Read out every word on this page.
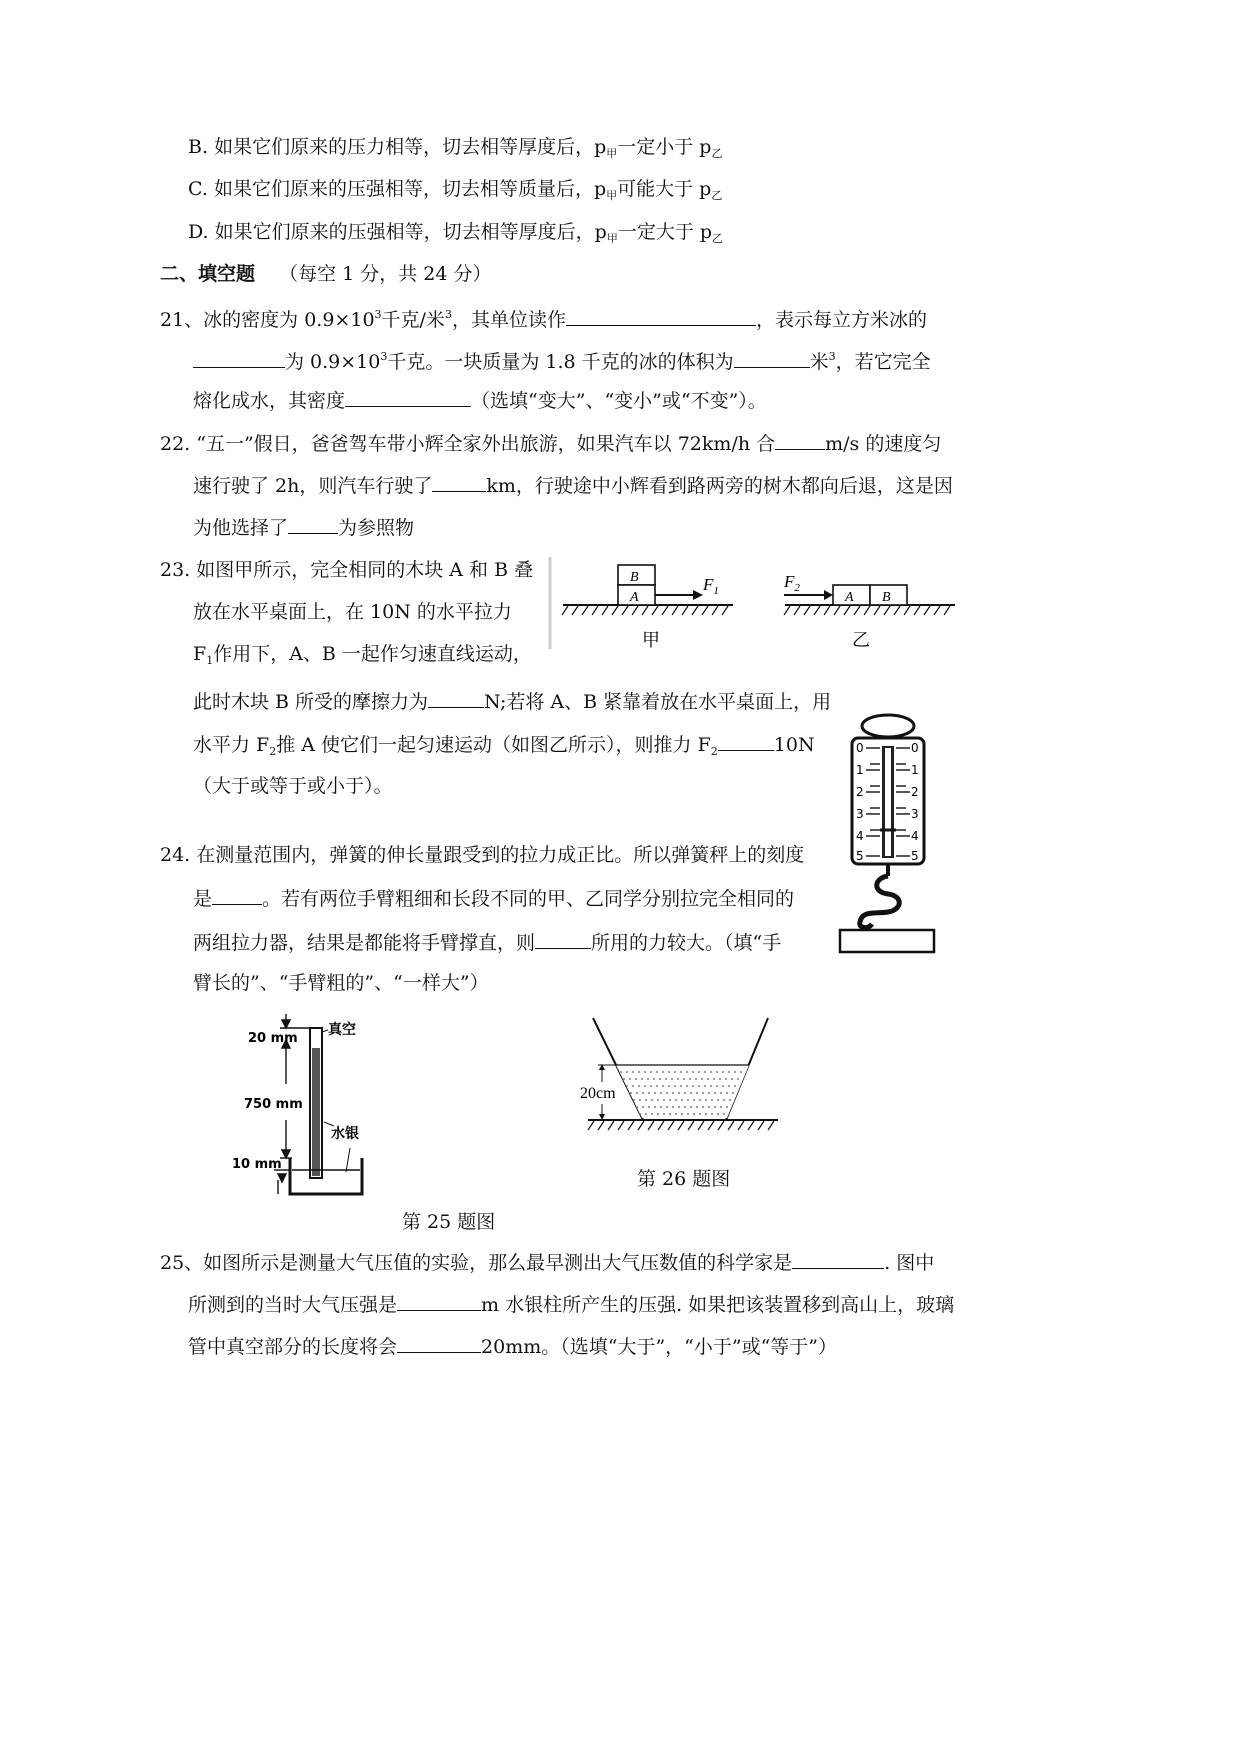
B. 如果它们原来的压力相等，切去相等厚度后，$p_甲$一定小于 $p_乙$
C. 如果它们原来的压强相等，切去相等质量后，$p_甲$可能大于 $p_乙$
D. 如果它们原来的压强相等，切去相等厚度后，$p_甲$一定大于 $p_乙$
二、填空题 （每空 1 分，共 24 分）
21、冰的密度为 $0.9\times 10^3$千克/米$^3$，其单位读作	，表示每立方米冰的
为 $0.9\times 10^3$千克。一块质量为 1.8 千克的冰的体积为	米$^3$，若它完全
熔化成水，其密度	（选填“变大”、“变小”或“不变”）。
22. “五一”假日，爸爸驾车带小辉全家外出旅游，如果汽车以 72km/h 合	m/s 的速度匀
速行驶了 2h，则汽车行驶了	km，行驶途中小辉看到路两旁的树木都向后退，这是因
为他选择了	为参照物
23. 如图甲所示，完全相同的木块 A 和 B 叠
放在水平桌面上，在 10N 的水平拉力
$F_1$作用下，A、B 一起作匀速直线运动，
此时木块 B 所受的摩擦力为	N;若将 A、B 紧靠着放在水平桌面上，用
水平力 $F_2$推 A 使它们一起匀速运动（如图乙所示），则推力 $F_2$	10N
（大于或等于或小于）。
B
A
$F_1$
甲
$F_2$
A B
乙
0	0
1	1
2	2
3	3
4	4
5	5
24. 在测量范围内，弹簧的伸长量跟受到的拉力成正比。所以弹簧秤上的刻度
是	。若有两位手臂粗细和长段不同的甲、乙同学分别拉完全相同的
两组拉力器，结果是都能将手臂撑直，则	所用的力较大。（填“手
臂长的”、“手臂粗的”、“一样大”）
20 mm
真空
750 mm
水银
10 mm
第 25 题图
20cm
第 26 题图
25、如图所示是测量大气压值的实验，那么最早测出大气压数值的科学家是	. 图中
所测到的当时大气压强是	m 水银柱所产生的压强. 如果把该装置移到高山上，玻璃
管中真空部分的长度将会	20mm。（选填“大于”，“小于”或“等于”）
